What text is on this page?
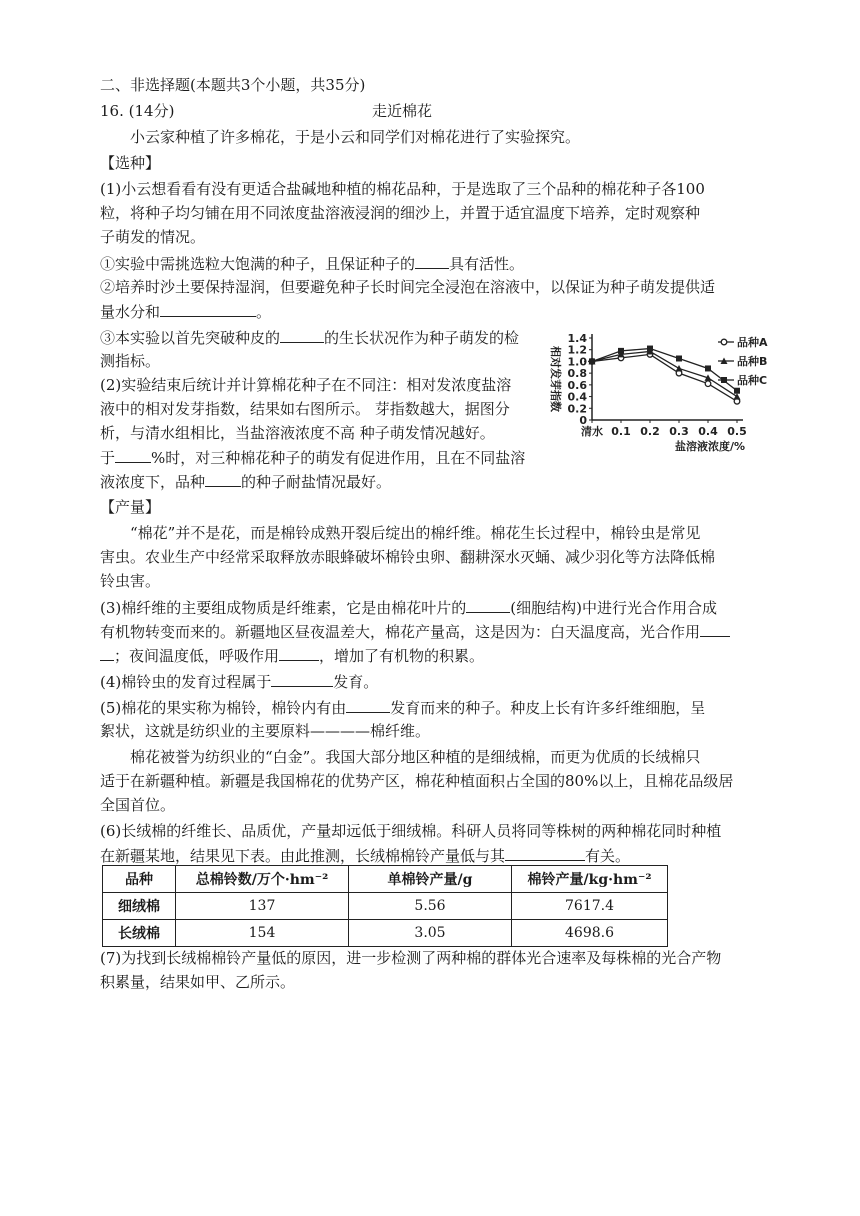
二、非选择题(本题共3个小题，共35分)
16. (14分)	走近棉花
小云家种植了许多棉花，于是小云和同学们对棉花进行了实验探究。
【选种】
(1)小云想看看有没有更适合盐碱地种植的棉花品种，于是选取了三个品种的棉花种子各100
粒，将种子均匀铺在用不同浓度盐溶液浸润的细沙上，并置于适宜温度下培养，定时观察种
子萌发的情况。
①实验中需挑选粒大饱满的种子，且保证种子的 具有活性。
②培养时沙土要保持湿润，但要避免种子长时间完全浸泡在溶液中，以保证为种子萌发提供适
量水分和	。
③本实验以首先突破种皮的	的生长状况作为种子萌发的检
测指标。
(2)实验结束后统计并计算棉花种子在不同注：相对发浓度盐溶
液中的相对发芽指数，结果如右图所示。 芽指数越大，据图分
析，与清水组相比，当盐溶液浓度不高 种子萌发情况越好。
于 %时，对三种棉花种子的萌发有促进作用，且在不同盐溶
液浓度下，品种 的种子耐盐情况最好。
0
0.2
0.4
0.6
0.8
1.0
1.2
1.4
清水 0.1 0.2 0.3 0.4 0.5
相对发芽指数
盐溶液浓度/%
品种A
品种B
品种C
【产量】
“棉花”并不是花，而是棉铃成熟开裂后绽出的棉纤维。棉花生长过程中，棉铃虫是常见
害虫。农业生产中经常采取释放赤眼蜂破坏棉铃虫卵、翻耕深水灭蛹、减少羽化等方法降低棉
铃虫害。
(3)棉纤维的主要组成物质是纤维素，它是由棉花叶片的	(细胞结构)中进行光合作用合成
有机物转变而来的。新疆地区昼夜温差大，棉花产量高，这是因为：白天温度高，光合作用
；夜间温度低，呼吸作用	，增加了有机物的积累。
(4)棉铃虫的发育过程属于	发育。
(5)棉花的果实称为棉铃，棉铃内有由	发育而来的种子。种皮上长有许多纤维细胞，呈
絮状，这就是纺织业的主要原料————棉纤维。
棉花被誉为纺织业的“白金”。我国大部分地区种植的是细绒棉，而更为优质的长绒棉只
适于在新疆种植。新疆是我国棉花的优势产区，棉花种植面积占全国的80%以上，且棉花品级居
全国首位。
(6)长绒棉的纤维长、品质优，产量却远低于细绒棉。科研人员将同等株树的两种棉花同时种植
在新疆某地，结果见下表。由此推测，长绒棉棉铃产量低与其	有关。
品种	总棉铃数/万个·hm⁻²	单棉铃产量/g	棉铃产量/kg·hm⁻²
细绒棉	137	5.56	7617.4
长绒棉	154	3.05	4698.6
(7)为找到长绒棉棉铃产量低的原因，进一步检测了两种棉的群体光合速率及每株棉的光合产物
积累量，结果如甲、乙所示。
